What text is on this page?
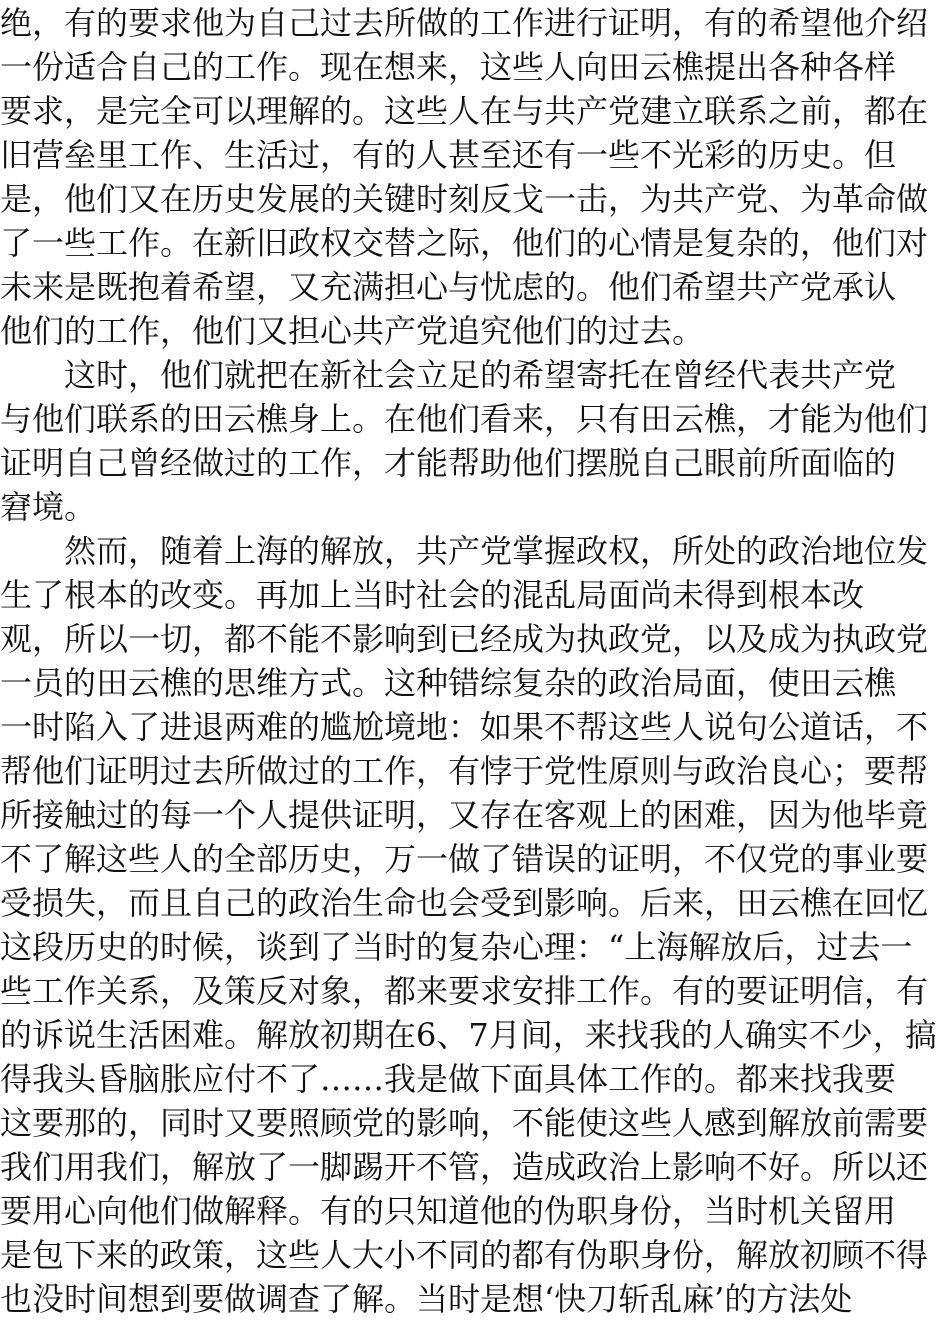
绝，有的要求他为自己过去所做的工作进行证明，有的希望他介绍
一份适合自己的工作。现在想来，这些人向田云樵提出各种各样
要求，是完全可以理解的。这些人在与共产党建立联系之前，都在
旧营垒里工作、生活过，有的人甚至还有一些不光彩的历史。但
是，他们又在历史发展的关键时刻反戈一击，为共产党、为革命做
了一些工作。在新旧政权交替之际，他们的心情是复杂的，他们对
未来是既抱着希望，又充满担心与忧虑的。他们希望共产党承认
他们的工作，他们又担心共产党追究他们的过去。
这时，他们就把在新社会立足的希望寄托在曾经代表共产党
与他们联系的田云樵身上。在他们看来，只有田云樵，才能为他们
证明自己曾经做过的工作，才能帮助他们摆脱自己眼前所面临的
窘境。
然而，随着上海的解放，共产党掌握政权，所处的政治地位发
生了根本的改变。再加上当时社会的混乱局面尚未得到根本改
观，所以一切，都不能不影响到已经成为执政党，以及成为执政党
一员的田云樵的思维方式。这种错综复杂的政治局面，使田云樵
一时陷入了进退两难的尴尬境地：如果不帮这些人说句公道话，不
帮他们证明过去所做过的工作，有悖于党性原则与政治良心；要帮
所接触过的每一个人提供证明，又存在客观上的困难，因为他毕竟
不了解这些人的全部历史，万一做了错误的证明，不仅党的事业要
受损失，而且自己的政治生命也会受到影响。后来，田云樵在回忆
这段历史的时候，谈到了当时的复杂心理：“上海解放后，过去一
些工作关系，及策反对象，都来要求安排工作。有的要证明信，有
的诉说生活困难。解放初期在6、7月间，来找我的人确实不少，搞
得我头昏脑胀应付不了……我是做下面具体工作的。都来找我要
这要那的，同时又要照顾党的影响，不能使这些人感到解放前需要
我们用我们，解放了一脚踢开不管，造成政治上影响不好。所以还
要用心向他们做解释。有的只知道他的伪职身份，当时机关留用
是包下来的政策，这些人大小不同的都有伪职身份，解放初顾不得
也没时间想到要做调查了解。当时是想‘快刀斩乱麻’的方法处
